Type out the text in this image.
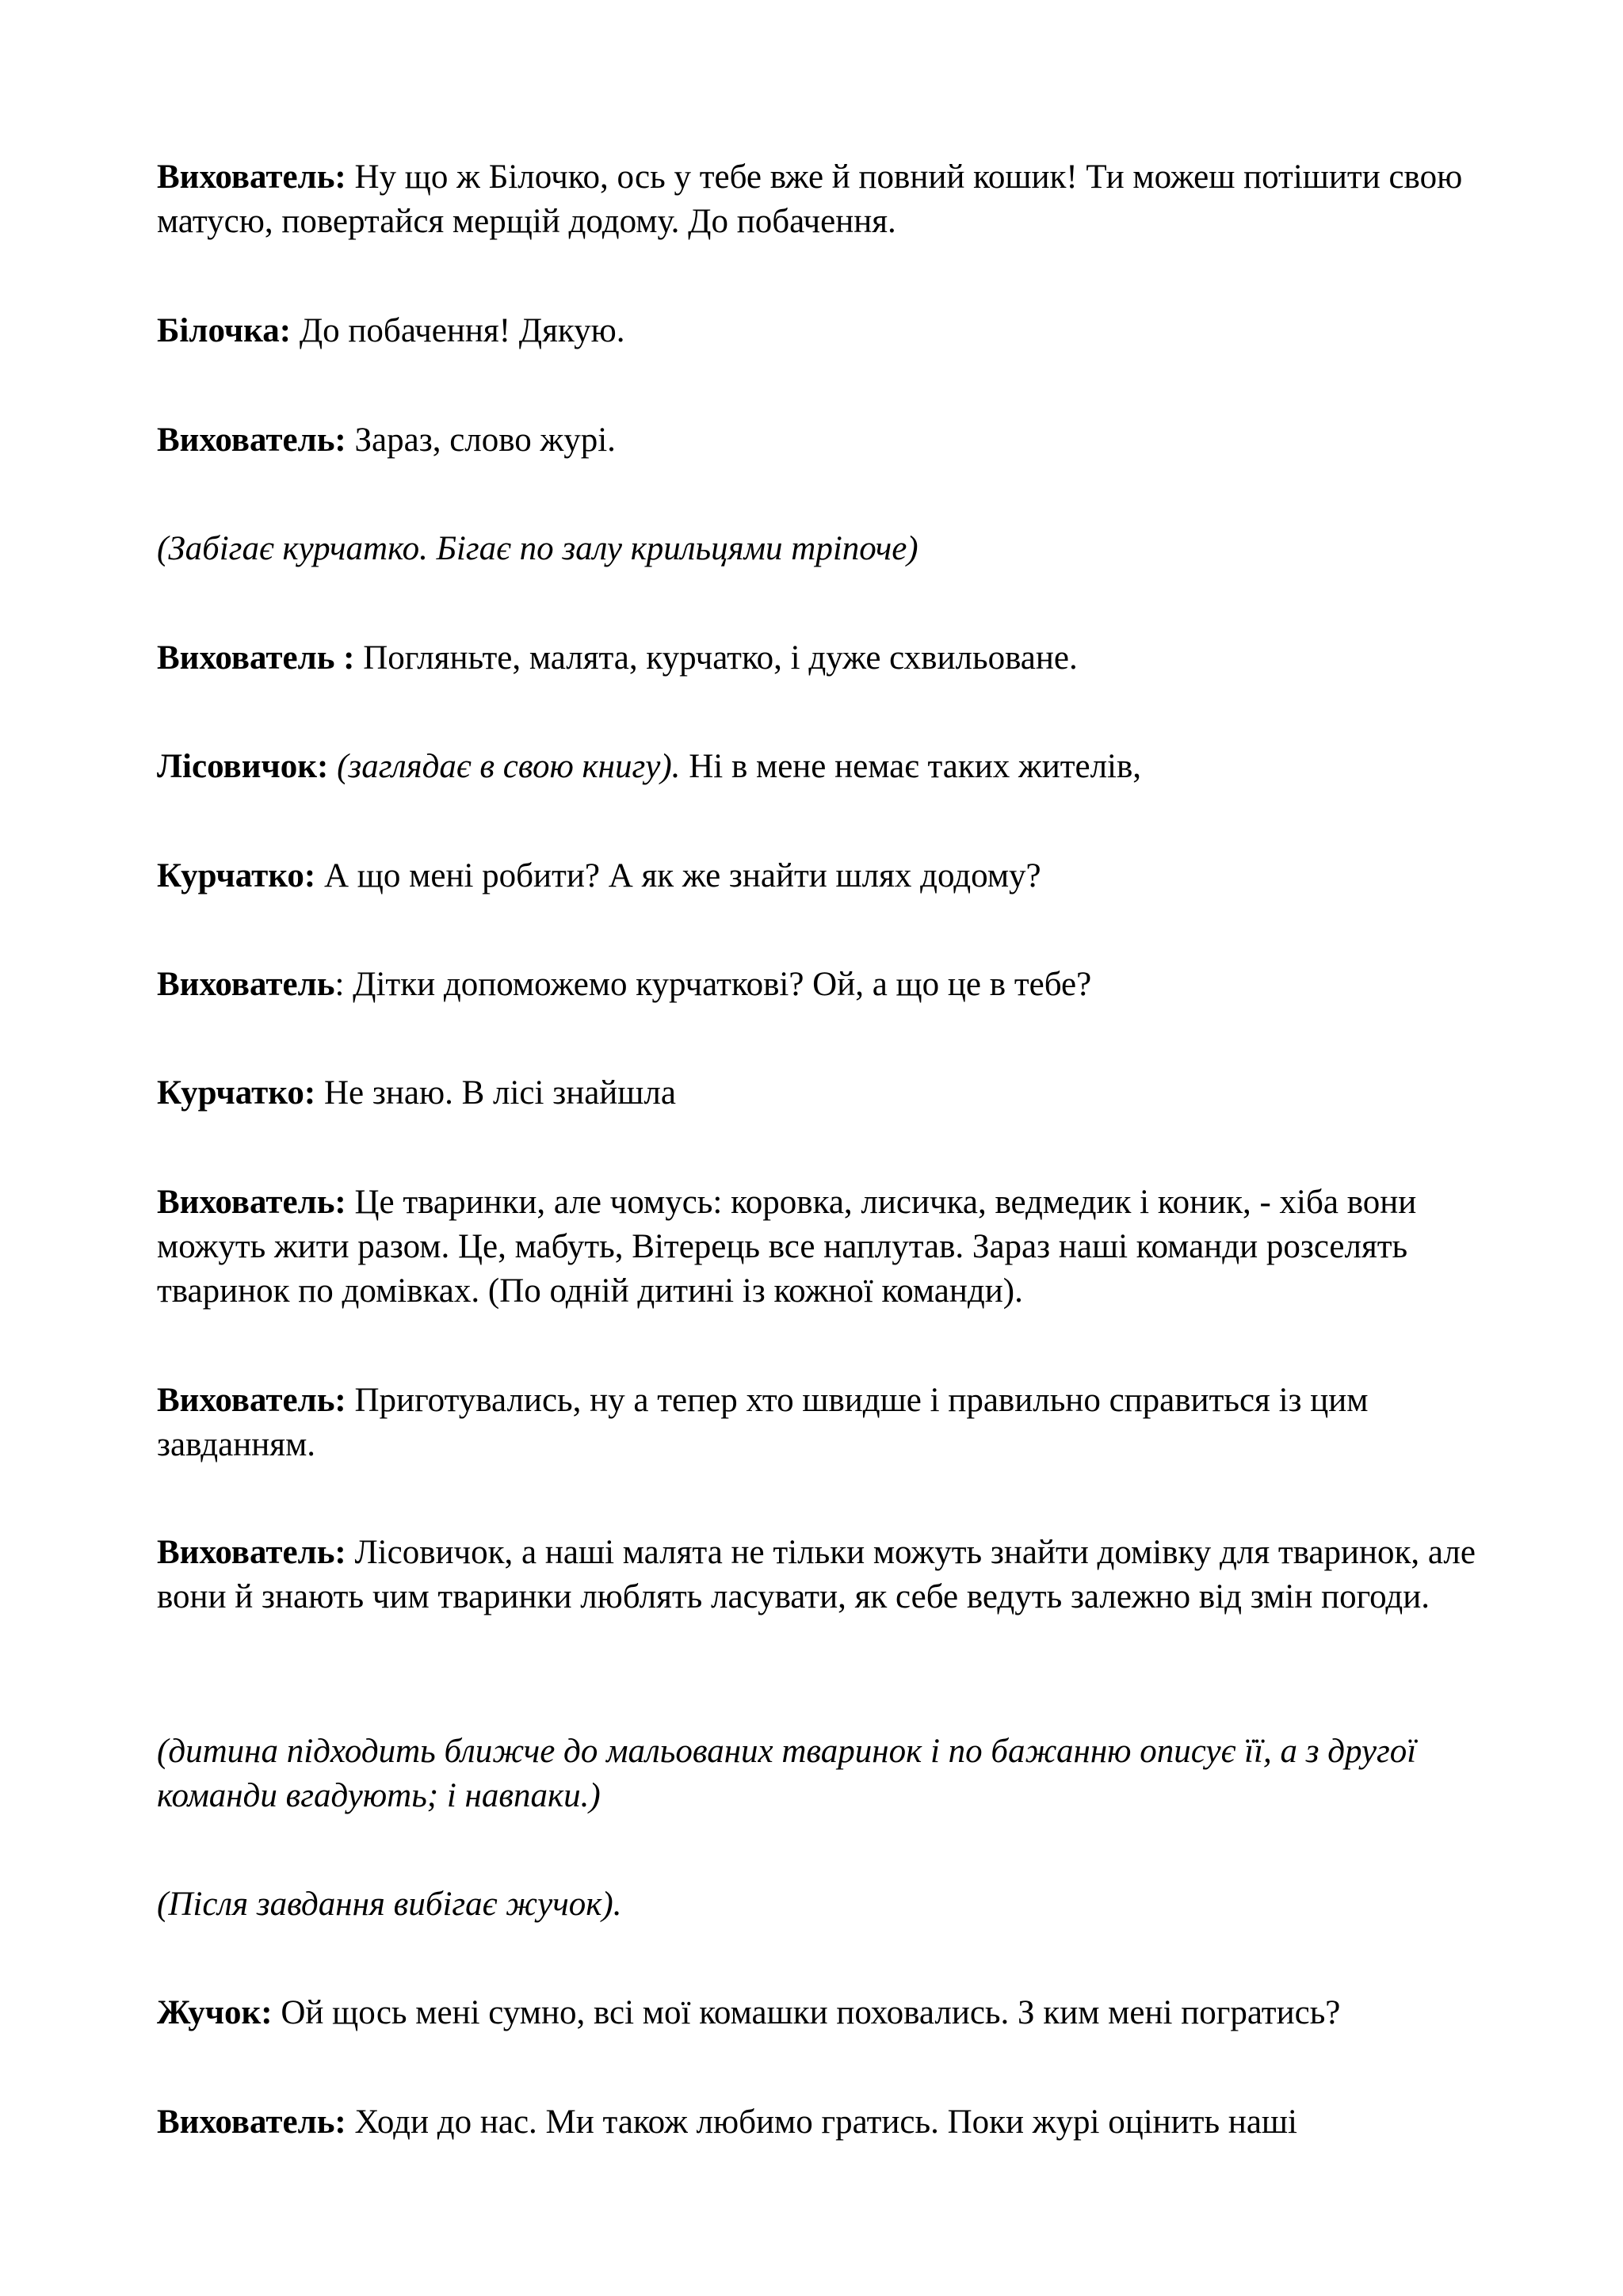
Вихователь: Ну що ж Білочко, ось у тебе вже й повний кошик! Ти можеш потішити свою матусю, повертайся мерщій додому. До побачення.

Білочка: До побачення! Дякую.

Вихователь: Зараз, слово журі.

(Забігає курчатко. Бігає по залу крильцями тріпоче)

Вихователь : Погляньте, малята, курчатко, і дуже схвильоване.

Лісовичок: (заглядає в свою книгу). Ні в мене немає таких жителів,

Курчатко: А що мені робити? А як же знайти шлях додому?

Вихователь: Дітки допоможемо курчаткові? Ой, а що це в тебе?

Курчатко: Не знаю. В лісі знайшла

Вихователь: Це тваринки, але чомусь: коровка, лисичка, ведмедик і коник, - хіба вони можуть жити разом. Це, мабуть, Вітерець все наплутав. Зараз наші команди розселять тваринок по домівках. (По одній дитині із кожної команди).

Вихователь: Приготувались, ну а тепер хто швидше і правильно справиться із цим завданням.

Вихователь: Лісовичок, а наші малята не тільки можуть знайти домівку для тваринок, але вони й знають чим тваринки люблять ласувати, як себе ведуть залежно від змін погоди.

(дитина підходить ближче до мальованих тваринок і по бажанню описує її, а з другої команди вгадують; і навпаки.)

(Після завдання вибігає жучок).

Жучок: Ой щось мені сумно, всі мої комашки поховались. З ким мені погратись?

Вихователь: Ходи до нас. Ми також любимо гратись. Поки журі оцінить наші
